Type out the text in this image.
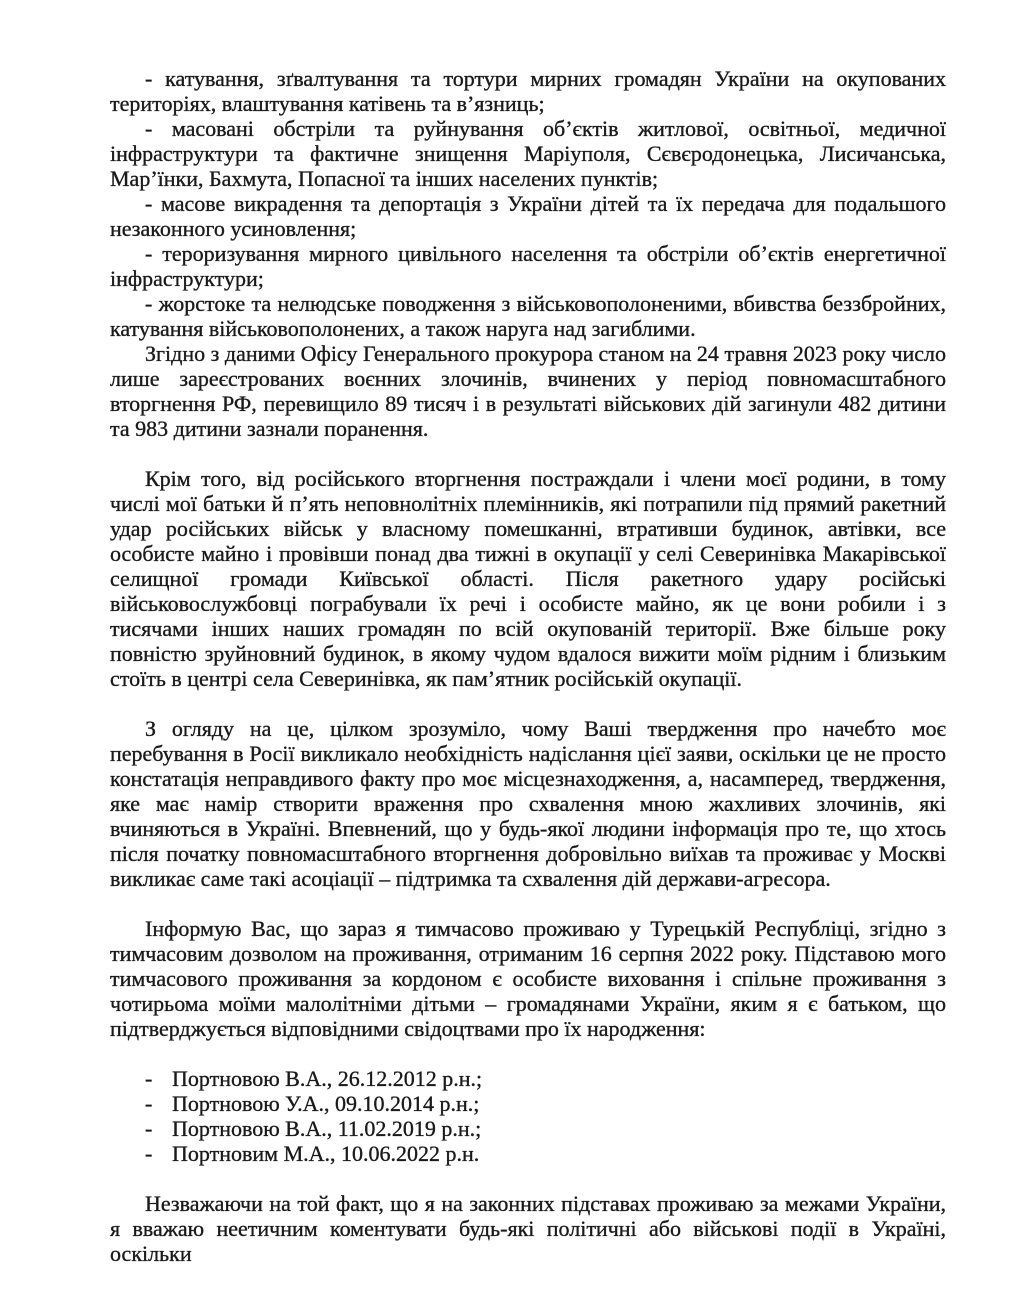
- катування, зґвалтування та тортури мирних громадян України на окупованих територіях, влаштування катівень та в’язниць;

- масовані обстріли та руйнування об’єктів житлової, освітньої, медичної інфраструктури та фактичне знищення Маріуполя, Сєвєродонецька, Лисичанська, Мар’їнки, Бахмута, Попасної та інших населених пунктів;

- масове викрадення та депортація з України дітей та їх передача для подальшого незаконного усиновлення;

- тероризування мирного цивільного населення та обстріли об’єктів енергетичної інфраструктури;

- жорстоке та нелюдське поводження з військовополоненими, вбивства беззбройних, катування військовополонених, а також наруга над загиблими.

Згідно з даними Офісу Генерального прокурора станом на 24 травня 2023 року число лише зареєстрованих воєнних злочинів, вчинених у період повномасштабного вторгнення РФ, перевищило 89 тисяч і в результаті військових дій загинули 482 дитини та 983 дитини зазнали поранення.

Крім того, від російського вторгнення постраждали і члени моєї родини, в тому числі мої батьки й п’ять неповнолітніх племінників, які потрапили під прямий ракетний удар російських військ у власному помешканні, втративши будинок, автівки, все особисте майно і провівши понад два тижні в окупації у селі Северинівка Макарівської селищної громади Київської області. Після ракетного удару російські військовослужбовці пограбували їх речі і особисте майно, як це вони робили і з тисячами інших наших громадян по всій окупованій території. Вже більше року повністю зруйновний будинок, в якому чудом вдалося вижити моїм рідним і близьким стоїть в центрі села Северинівка, як пам’ятник російській окупації.

З огляду на це, цілком зрозуміло, чому Ваші твердження про начебто моє перебування в Росії викликало необхідність надіслання цієї заяви, оскільки це не просто констатація неправдивого факту про моє місцезнаходження, а, насамперед, твердження, яке має намір створити враження про схвалення мною жахливих злочинів, які вчиняються в Україні. Впевнений, що у будь-якої людини інформація про те, що хтось після початку повномасштабного вторгнення добровільно виїхав та проживає у Москві викликає саме такі асоціації – підтримка та схвалення дій держави-агресора.

Інформую Вас, що зараз я тимчасово проживаю у Турецькій Республіці, згідно з тимчасовим дозволом на проживання, отриманим 16 серпня 2022 року. Підставою мого тимчасового проживання за кордоном є особисте виховання і спільне проживання з чотирьома моїми малолітніми дітьми – громадянами України, яким я є батьком, що підтверджується відповідними свідоцтвами про їх народження:

- Портновою В.А., 26.12.2012 р.н.;

- Портновою У.А., 09.10.2014 р.н.;

- Портновою В.А., 11.02.2019 р.н.;

- Портновим М.А., 10.06.2022 р.н.

Незважаючи на той факт, що я на законних підставах проживаю за межами України, я вважаю неетичним коментувати будь-які політичні або військові події в Україні, оскільки
